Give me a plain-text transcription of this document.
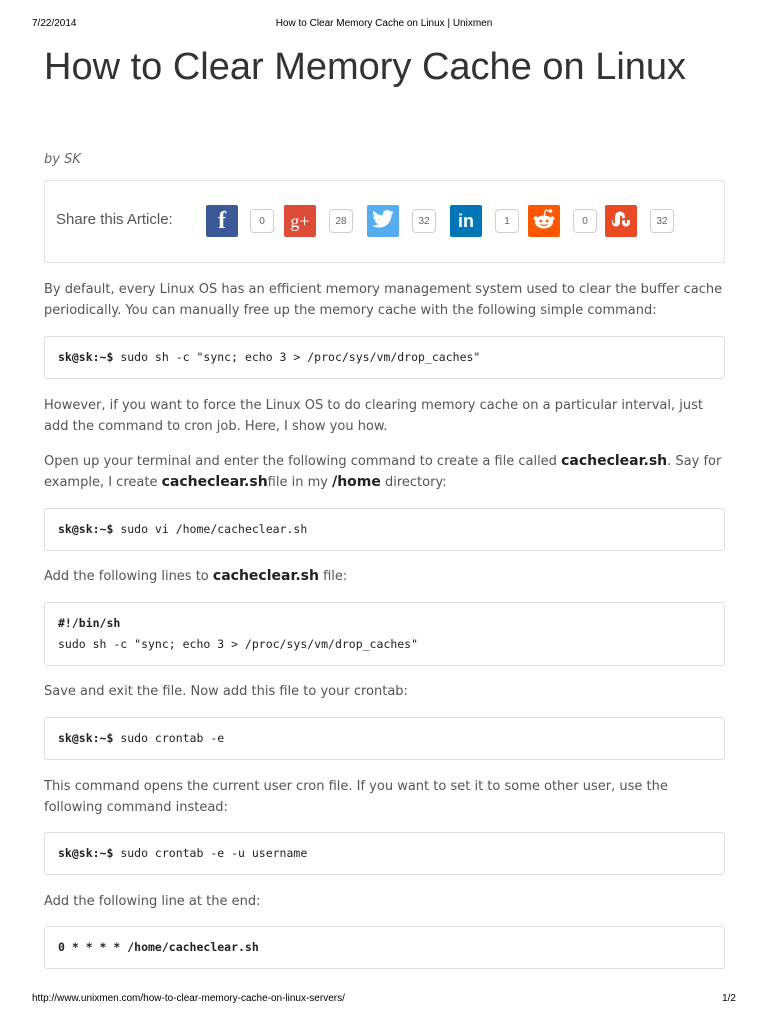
7/22/2014	How to Clear Memory Cache on Linux | Unixmen
How to Clear Memory Cache on Linux
by SK
Share this Article: f	0	g+	28	32	in	1	0	32

By default, every Linux OS has an efficient memory management system used to clear the buffer cache periodically. You can manually free up the memory cache with the following simple command:

sk@sk:~$ sudo sh -c "sync; echo 3 > /proc/sys/vm/drop_caches"

However, if you want to force the Linux OS to do clearing memory cache on a particular interval, just add the command to cron job. Here, I show you how.

Open up your terminal and enter the following command to create a file called cacheclear.sh. Say for example, I create cacheclear.shfile in my /home directory:

sk@sk:~$ sudo vi /home/cacheclear.sh

Add the following lines to cacheclear.sh file:

#!/bin/sh
sudo sh -c "sync; echo 3 > /proc/sys/vm/drop_caches"

Save and exit the file. Now add this file to your crontab:

sk@sk:~$ sudo crontab -e

This command opens the current user cron file. If you want to set it to some other user, use the following command instead:

sk@sk:~$ sudo crontab -e -u username

Add the following line at the end:

0 * * * * /home/cacheclear.sh
http://www.unixmen.com/how-to-clear-memory-cache-on-linux-servers/	1/2
